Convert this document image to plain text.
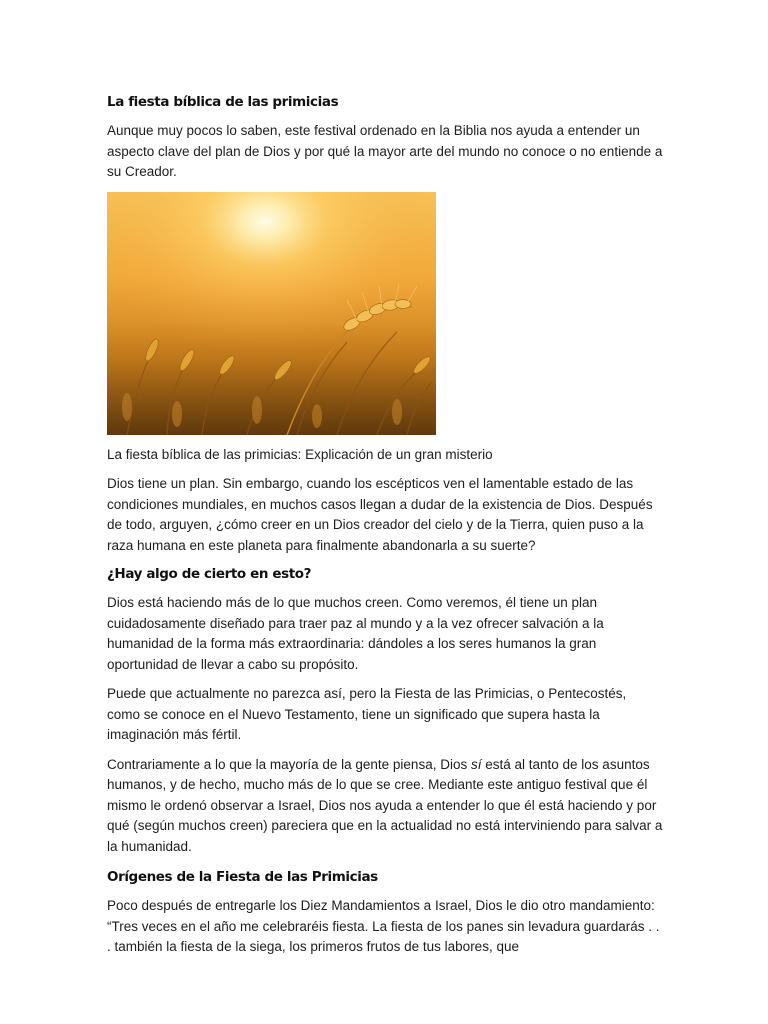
La fiesta bíblica de las primicias

Aunque muy pocos lo saben, este festival ordenado en la Biblia nos ayuda a entender un aspecto clave del plan de Dios y por qué la mayor arte del mundo no conoce o no entiende a su Creador.

La fiesta bíblica de las primicias: Explicación de un gran misterio

Dios tiene un plan. Sin embargo, cuando los escépticos ven el lamentable estado de las condiciones mundiales, en muchos casos llegan a dudar de la existencia de Dios. Después de todo, arguyen, ¿cómo creer en un Dios creador del cielo y de la Tierra, quien puso a la raza humana en este planeta para finalmente abandonarla a su suerte?

¿Hay algo de cierto en esto?

Dios está haciendo más de lo que muchos creen. Como veremos, él tiene un plan cuidadosamente diseñado para traer paz al mundo y a la vez ofrecer salvación a la humanidad de la forma más extraordinaria: dándoles a los seres humanos la gran oportunidad de llevar a cabo su propósito.

Puede que actualmente no parezca así, pero la Fiesta de las Primicias, o Pentecostés, como se conoce en el Nuevo Testamento, tiene un significado que supera hasta la imaginación más fértil.

Contrariamente a lo que la mayoría de la gente piensa, Dios sí está al tanto de los asuntos humanos, y de hecho, mucho más de lo que se cree. Mediante este antiguo festival que él mismo le ordenó observar a Israel, Dios nos ayuda a entender lo que él está haciendo y por qué (según muchos creen) pareciera que en la actualidad no está interviniendo para salvar a la humanidad.

Orígenes de la Fiesta de las Primicias

Poco después de entregarle los Diez Mandamientos a Israel, Dios le dio otro mandamiento: “Tres veces en el año me celebraréis fiesta. La fiesta de los panes sin levadura guardarás . . . también la fiesta de la siega, los primeros frutos de tus labores, que
